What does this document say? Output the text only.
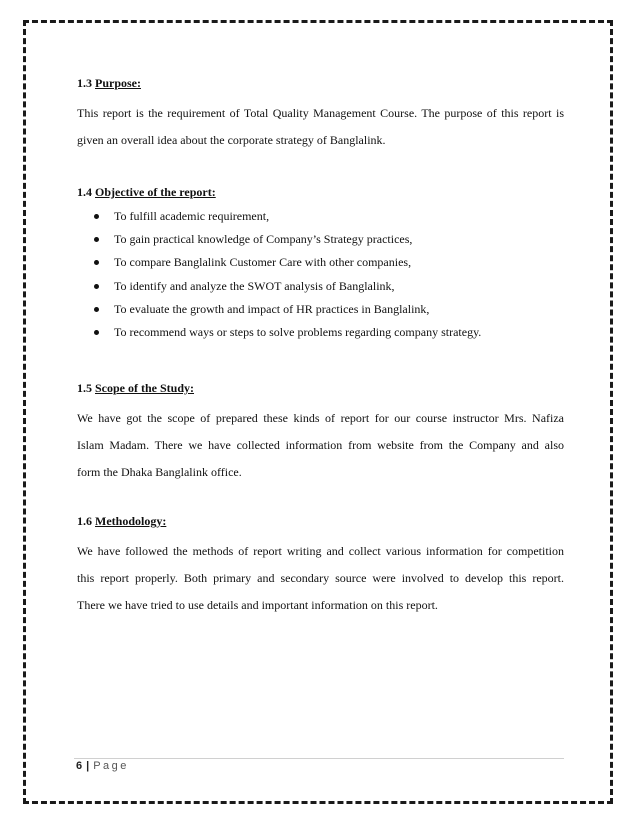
1.3 Purpose:
This report is the requirement of Total Quality Management Course. The purpose of this report is
given an overall idea about the corporate strategy of Banglalink.
1.4 Objective of the report:
To fulfill academic requirement,
To gain practical knowledge of Company’s Strategy practices,
To compare Banglalink Customer Care with other companies,
To identify and analyze the SWOT analysis of Banglalink,
To evaluate the growth and impact of HR practices in Banglalink,
To recommend ways or steps to solve problems regarding company strategy.
1.5 Scope of the Study:
We have got the scope of prepared these kinds of report for our course instructor Mrs. Nafiza
Islam Madam. There we have collected information from website from the Company and also
form the Dhaka Banglalink office.
1.6 Methodology:
We have followed the methods of report writing and collect various information for competition
this report properly. Both primary and secondary source were involved to develop this report.
There we have tried to use details and important information on this report.
6 | Page
